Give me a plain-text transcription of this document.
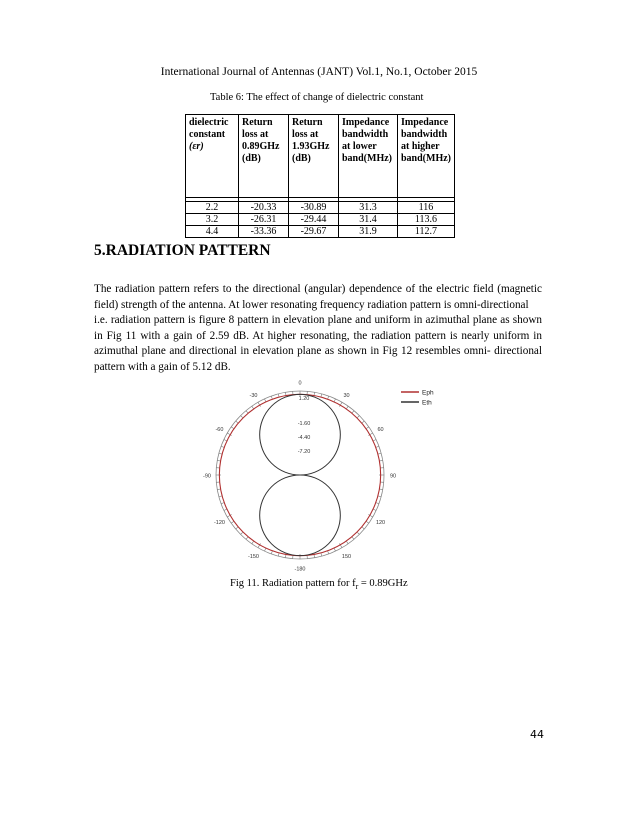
International Journal of Antennas (JANT) Vol.1, No.1, October 2015
Table 6: The effect of change of dielectric constant
dielectric
constant
(εr)	Return
loss at
0.89GHz
(dB)	Return
loss at
1.93GHz
(dB)	Impedance
bandwidth
at lower
band(MHz)	Impedance
bandwidth
at higher
band(MHz)

2.2	-20.33	-30.89	31.3	116
3.2	-26.31	-29.44	31.4	113.6
4.4	-33.36	-29.67	31.9	112.7
5.RADIATION PATTERN

The radiation pattern refers to the directional (angular) dependence of the electric field (magnetic field) strength of the antenna. At lower resonating frequency radiation pattern is omni-directional

i.e. radiation pattern is figure 8 pattern in elevation plane and uniform in azimuthal plane as shown in Fig 11 with a gain of 2.59 dB. At higher resonating, the radiation pattern is nearly uniform in azimuthal plane and directional in elevation plane as shown in Fig 12 resembles omni- directional pattern with a gain of 5.12 dB.

0
30
60
90
120
150
-180
-150
-120
-90
-60
-30
1.20
-1.60
-4.40
-7.20
Eph
Eth
Fig 11. Radiation pattern for $f_r = 0.89GHz$
44
